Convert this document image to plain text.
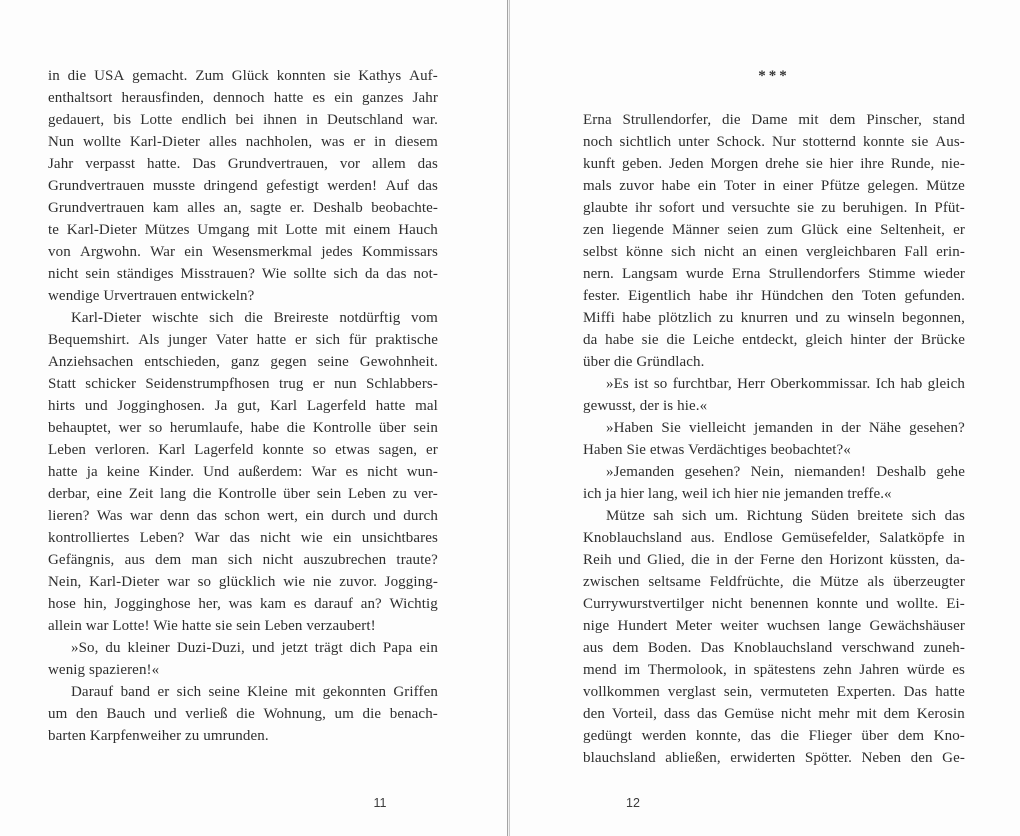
in die USA gemacht. Zum Glück konnten sie Kathys Auf-
enthaltsort herausfinden, dennoch hatte es ein ganzes Jahr
gedauert, bis Lotte endlich bei ihnen in Deutschland war.
Nun wollte Karl-Dieter alles nachholen, was er in diesem
Jahr verpasst hatte. Das Grundvertrauen, vor allem das
Grundvertrauen musste dringend gefestigt werden! Auf das
Grundvertrauen kam alles an, sagte er. Deshalb beobachte-
te Karl-Dieter Mützes Umgang mit Lotte mit einem Hauch
von Argwohn. War ein Wesensmerkmal jedes Kommissars
nicht sein ständiges Misstrauen? Wie sollte sich da das not-
wendige Urvertrauen entwickeln?
Karl-Dieter wischte sich die Breireste notdürftig vom
Bequemshirt. Als junger Vater hatte er sich für praktische
Anziehsachen entschieden, ganz gegen seine Gewohnheit.
Statt schicker Seidenstrumpfhosen trug er nun Schlabbers-
hirts und Jogginghosen. Ja gut, Karl Lagerfeld hatte mal
behauptet, wer so herumlaufe, habe die Kontrolle über sein
Leben verloren. Karl Lagerfeld konnte so etwas sagen, er
hatte ja keine Kinder. Und außerdem: War es nicht wun-
derbar, eine Zeit lang die Kontrolle über sein Leben zu ver-
lieren? Was war denn das schon wert, ein durch und durch
kontrolliertes Leben? War das nicht wie ein unsichtbares
Gefängnis, aus dem man sich nicht auszubrechen traute?
Nein, Karl-Dieter war so glücklich wie nie zuvor. Jogging-
hose hin, Jogginghose her, was kam es darauf an? Wichtig
allein war Lotte! Wie hatte sie sein Leben verzaubert!
»So, du kleiner Duzi-Duzi, und jetzt trägt dich Papa ein
wenig spazieren!«
Darauf band er sich seine Kleine mit gekonnten Griffen
um den Bauch und verließ die Wohnung, um die benach-
barten Karpfenweiher zu umrunden.
11
***
Erna Strullendorfer, die Dame mit dem Pinscher, stand
noch sichtlich unter Schock. Nur stotternd konnte sie Aus-
kunft geben. Jeden Morgen drehe sie hier ihre Runde, nie-
mals zuvor habe ein Toter in einer Pfütze gelegen. Mütze
glaubte ihr sofort und versuchte sie zu beruhigen. In Pfüt-
zen liegende Männer seien zum Glück eine Seltenheit, er
selbst könne sich nicht an einen vergleichbaren Fall erin-
nern. Langsam wurde Erna Strullendorfers Stimme wieder
fester. Eigentlich habe ihr Hündchen den Toten gefunden.
Miffi habe plötzlich zu knurren und zu winseln begonnen,
da habe sie die Leiche entdeckt, gleich hinter der Brücke
über die Gründlach.
»Es ist so furchtbar, Herr Oberkommissar. Ich hab gleich
gewusst, der is hie.«
»Haben Sie vielleicht jemanden in der Nähe gesehen?
Haben Sie etwas Verdächtiges beobachtet?«
»Jemanden gesehen? Nein, niemanden! Deshalb gehe
ich ja hier lang, weil ich hier nie jemanden treffe.«
Mütze sah sich um. Richtung Süden breitete sich das
Knoblauchsland aus. Endlose Gemüsefelder, Salatköpfe in
Reih und Glied, die in der Ferne den Horizont küssten, da-
zwischen seltsame Feldfrüchte, die Mütze als überzeugter
Currywurstvertilger nicht benennen konnte und wollte. Ei-
nige Hundert Meter weiter wuchsen lange Gewächshäuser
aus dem Boden. Das Knoblauchsland verschwand zuneh-
mend im Thermolook, in spätestens zehn Jahren würde es
vollkommen verglast sein, vermuteten Experten. Das hatte
den Vorteil, dass das Gemüse nicht mehr mit dem Kerosin
gedüngt werden konnte, das die Flieger über dem Kno-
blauchsland abließen, erwiderten Spötter. Neben den Ge-
12
